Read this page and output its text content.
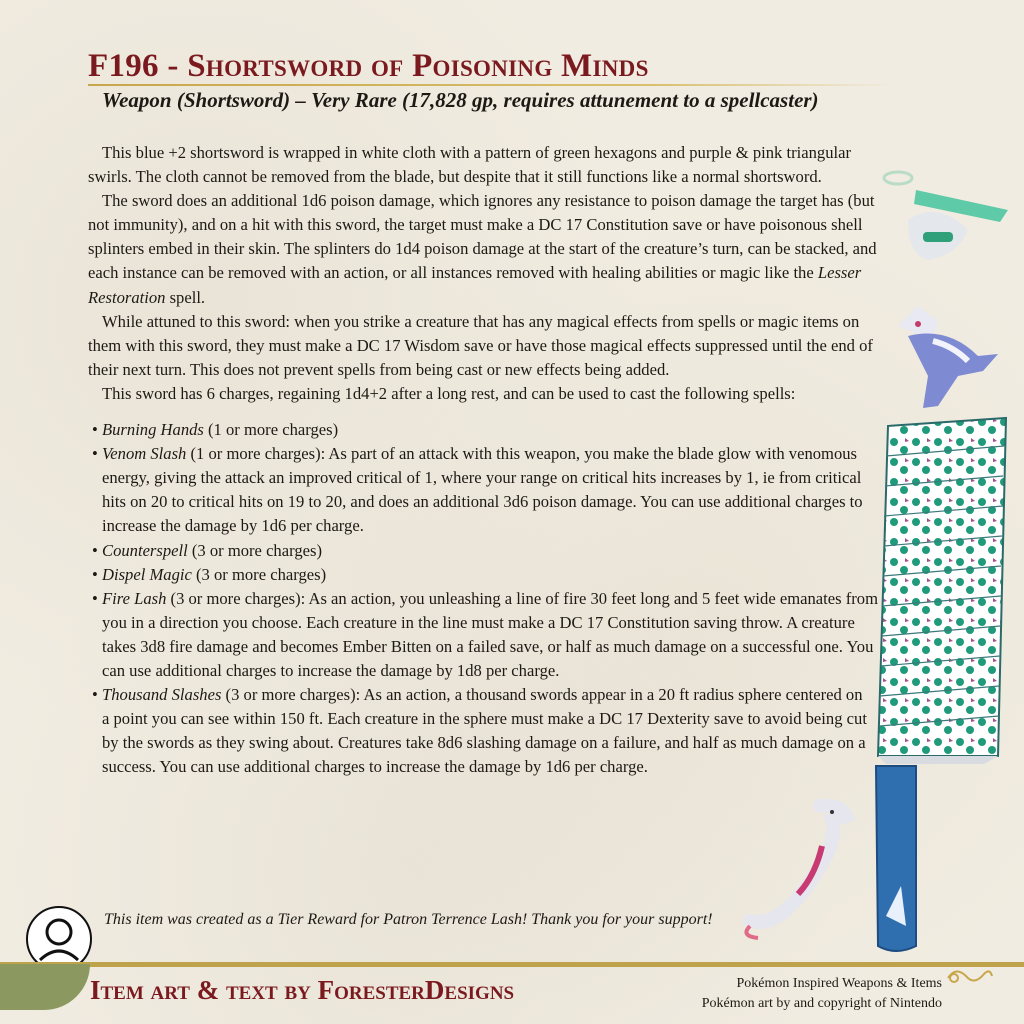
F196 - Shortsword of Poisoning Minds
Weapon (Shortsword) – Very Rare (17,828 gp, requires attunement to a spellcaster)

This blue +2 shortsword is wrapped in white cloth with a pattern of green hexagons and purple & pink triangular swirls. The cloth cannot be removed from the blade, but despite that it still functions like a normal shortsword.

The sword does an additional 1d6 poison damage, which ignores any resistance to poison damage the target has (but not immunity), and on a hit with this sword, the target must make a DC 17 Constitution save or have poisonous shell splinters embed in their skin. The splinters do 1d4 poison damage at the start of the creature’s turn, can be stacked, and each instance can be removed with an action, or all instances removed with healing abilities or magic like the Lesser Restoration spell.

While attuned to this sword: when you strike a creature that has any magical effects from spells or magic items on them with this sword, they must make a DC 17 Wisdom save or have those magical effects suppressed until the end of their next turn. This does not prevent spells from being cast or new effects being added.

This sword has 6 charges, regaining 1d4+2 after a long rest, and can be used to cast the following spells:

• Burning Hands (1 or more charges)
• Venom Slash (1 or more charges): As part of an attack with this weapon, you make the blade glow with venomous energy, giving the attack an improved critical of 1, where your range on critical hits increases by 1, ie from critical hits on 20 to critical hits on 19 to 20, and does an additional 3d6 poison damage. You can use additional charges to increase the damage by 1d6 per charge.
• Counterspell (3 or more charges)
• Dispel Magic (3 or more charges)
• Fire Lash (3 or more charges): As an action, you unleashing a line of fire 30 feet long and 5 feet wide emanates from you in a direction you choose. Each creature in the line must make a DC 17 Constitution saving throw. A creature takes 3d8 fire damage and becomes Ember Bitten on a failed save, or half as much damage on a successful one. You can use additional charges to increase the damage by 1d8 per charge.
• Thousand Slashes (3 or more charges): As an action, a thousand swords appear in a 20 ft radius sphere centered on a point you can see within 150 ft. Each creature in the sphere must make a DC 17 Dexterity save to avoid being cut by the swords as they swing about. Creatures take 8d6 slashing damage on a failure, and half as much damage on a success. You can use additional charges to increase the damage by 1d6 per charge.
This item was created as a Tier Reward for Patron Terrence Lash! Thank you for your support!
Item art & text by ForesterDesigns	Pokémon Inspired Weapons & Items
Pokémon art by and copyright of Nintendo
